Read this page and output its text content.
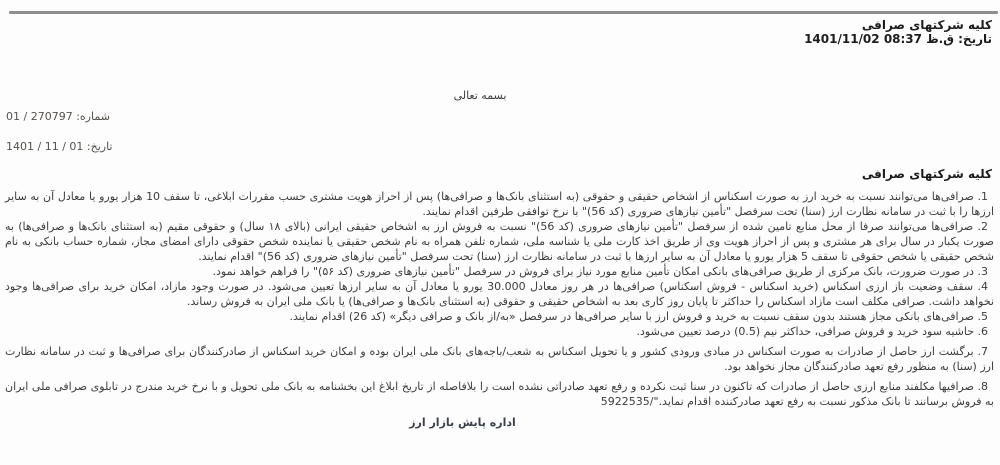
کلیه شرکتهای صرافی
تاریخ: ق.ظ 08:37 1401/11/02
بسمه تعالی
شماره: 270797 / 01
تاریخ: 01 / 11 / 1401
کلیه شرکتهای صرافی

1. صرافی‌ها می‌توانند نسبت به خرید ارز به صورت اسکناس از اشخاص حقیقی و حقوقی (به استثنای بانک‌ها و صرافی‌ها) پس از احراز هویت مشتری حسب مقررات ابلاغی، تا سقف 10 هزار یورو یا معادل آن به سایر ارزها را با ثبت در سامانه نظارت ارز (سنا) تحت سرفصل "تأمین نیازهای ضروری (کد 56)" با نرخ توافقی طرفین اقدام نمایند.

2. صرافی‌ها می‌توانند صرفا از محل منابع تامین شده از سرفصل "تأمین نیازهای ضروری (کد 56)" نسبت به فروش ارز به اشخاص حقیقی ایرانی (بالای ۱۸ سال) و حقوقی مقیم (به استثنای بانک‌ها و صرافی‌ها) به صورت یکبار در سال برای هر مشتری و پس از احراز هویت وی از طریق اخذ کارت ملی یا شناسه ملی، شماره تلفن همراه به نام شخص حقیقی یا نماینده شخص حقوقی دارای امضای مجاز، شماره حساب بانکی به نام شخص حقیقی یا شخص حقوقی تا سقف 5 هزار یورو یا معادل آن به سایر ارزها با ثبت در سامانه نظارت ارز (سنا) تحت سرفصل "تأمین نیازهای ضروری (کد 56)" اقدام نمایند.

3. در صورت ضرورت، بانک مرکزی از طریق صرافی‌های بانکی امکان تأمین منابع مورد نیاز برای فروش در سرفصل "تأمین نیازهای ضروری (کد ۵۶)" را فراهم خواهد نمود.

4. سقف وضعیت باز ارزی اسکناس (خرید اسکناس - فروش اسکناس) صرافی‌ها در هر روز معادل 30.000 یورو یا معادل آن به سایر ارزها تعیین می‌شود. در صورت وجود مازاد، امکان خرید برای صرافی‌ها وجود نخواهد داشت. صرافی مکلف است مازاد اسکناس را حداکثر تا پایان روز کاری بعد به اشخاص حقیقی و حقوقی (به استثنای بانک‌ها و صرافی‌ها) یا بانک ملی ایران به فروش رساند.

5. صرافی‌های بانکی مجاز هستند بدون سقف نسبت به خرید و فروش ارز با سایر صرافی‌ها در سرفصل «به/از بانک و صرافی دیگر» (کد 26) اقدام نمایند.

6. حاشیه سود خرید و فروش صرافی، حداکثر نیم (0.5) درصد تعیین می‌شود.

7. برگشت ارز حاصل از صادرات به صورت اسکناس در مبادی ورودی کشور و یا تحویل اسکناس به شعب/باجه‌های بانک ملی ایران بوده و امکان خرید اسکناس از صادرکنندگان برای صرافی‌ها و ثبت در سامانه نظارت ارز (سنا) به منظور رفع تعهد صادرکنندگان مجاز نخواهد بود.

8. صرافیها مکلفند منابع ارزی حاصل از صادرات که تاکنون در سنا ثبت نکرده و رفع تعهد صادراتی نشده است را بلافاصله از تاریخ ابلاغ این بخشنامه به بانک ملی تحویل و با نرخ خرید مندرج در تابلوی صرافی ملی ایران به فروش برسانند تا بانک مذکور نسبت به رفع تعهد صادرکننده اقدام نماید."/5922535

اداره پایش بازار ارز
